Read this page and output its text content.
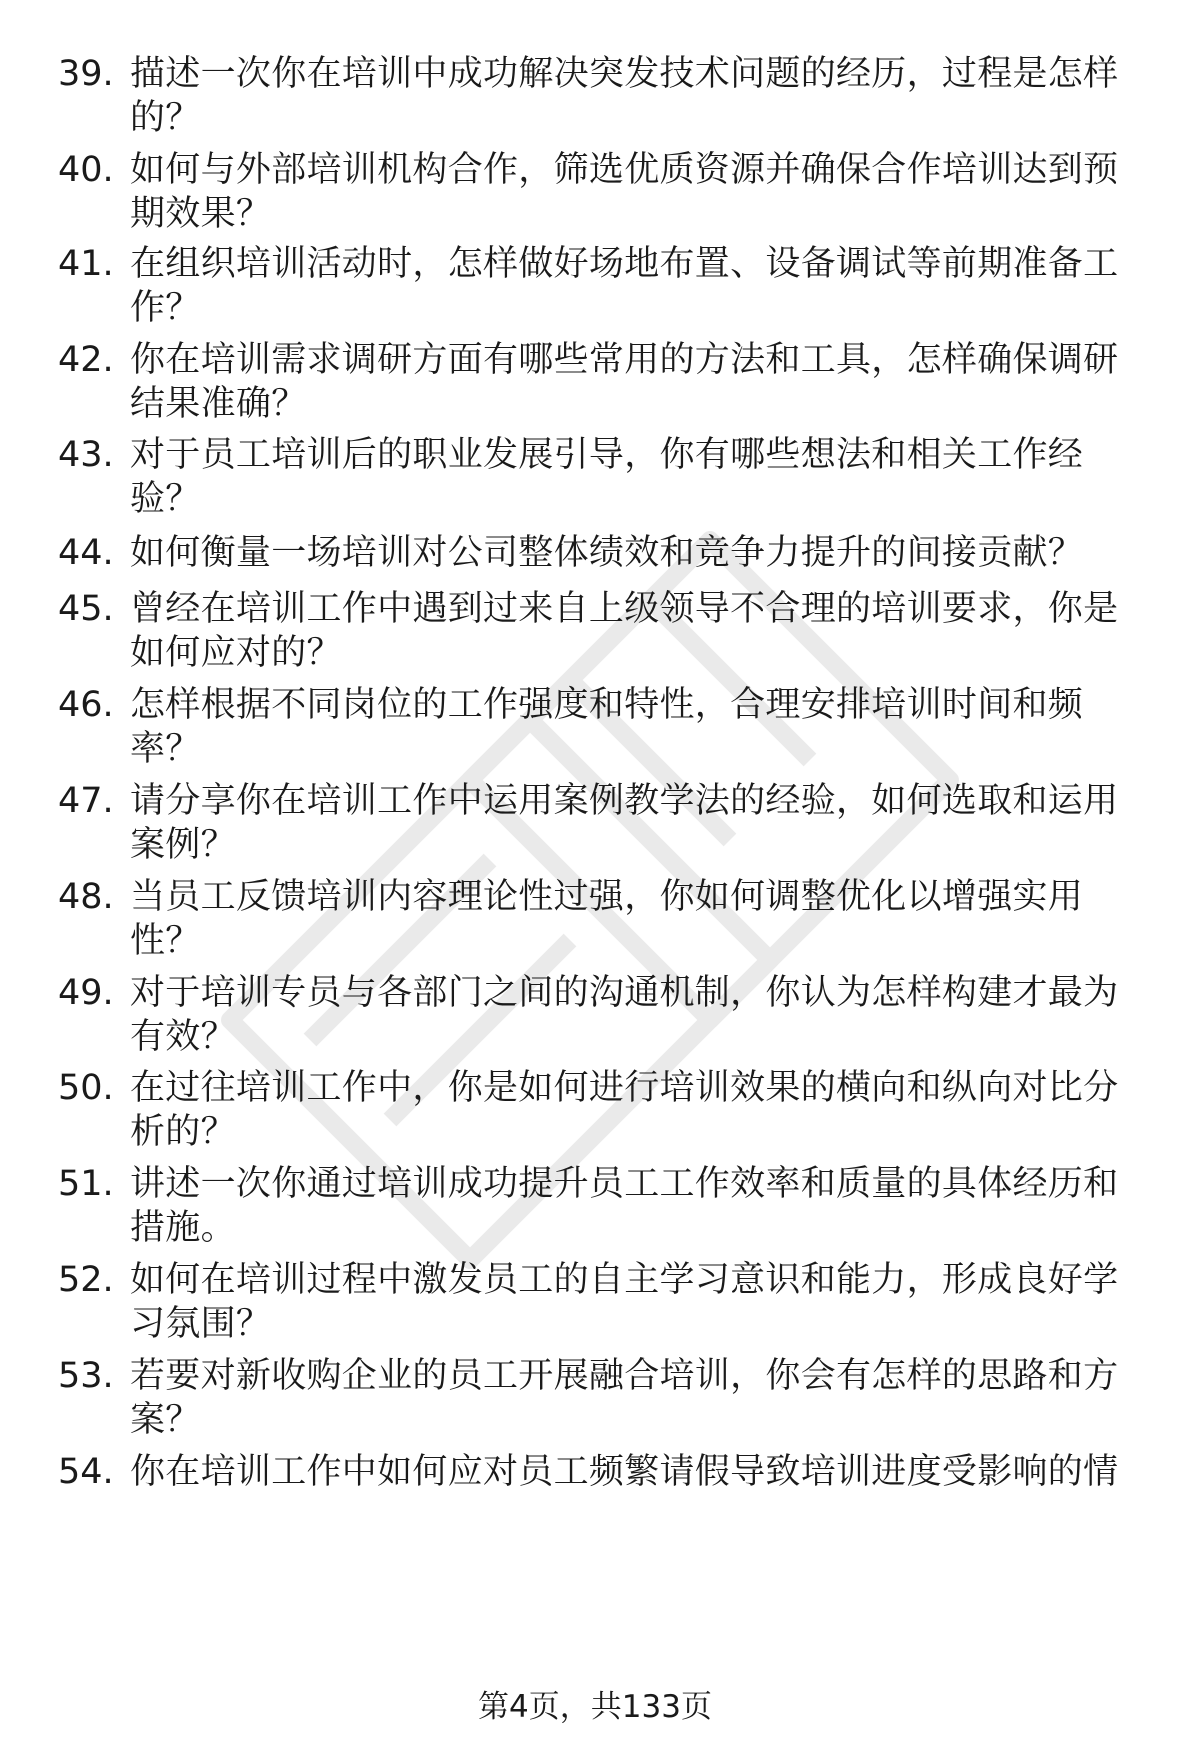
39. 描述一次你在培训中成功解决突发技术问题的经历，过程是怎样的？
40. 如何与外部培训机构合作，筛选优质资源并确保合作培训达到预期效果？
41. 在组织培训活动时，怎样做好场地布置、设备调试等前期准备工作？
42. 你在培训需求调研方面有哪些常用的方法和工具，怎样确保调研结果准确？
43. 对于员工培训后的职业发展引导，你有哪些想法和相关工作经验？
44. 如何衡量一场培训对公司整体绩效和竞争力提升的间接贡献？
45. 曾经在培训工作中遇到过来自上级领导不合理的培训要求，你是如何应对的？
46. 怎样根据不同岗位的工作强度和特性，合理安排培训时间和频率？
47. 请分享你在培训工作中运用案例教学法的经验，如何选取和运用案例？
48. 当员工反馈培训内容理论性过强，你如何调整优化以增强实用性？
49. 对于培训专员与各部门之间的沟通机制，你认为怎样构建才最为有效？
50. 在过往培训工作中，你是如何进行培训效果的横向和纵向对比分析的？
51. 讲述一次你通过培训成功提升员工工作效率和质量的具体经历和措施。
52. 如何在培训过程中激发员工的自主学习意识和能力，形成良好学习氛围？
53. 若要对新收购企业的员工开展融合培训，你会有怎样的思路和方案？
54. 你在培训工作中如何应对员工频繁请假导致培训进度受影响的情
第4页，共133页
